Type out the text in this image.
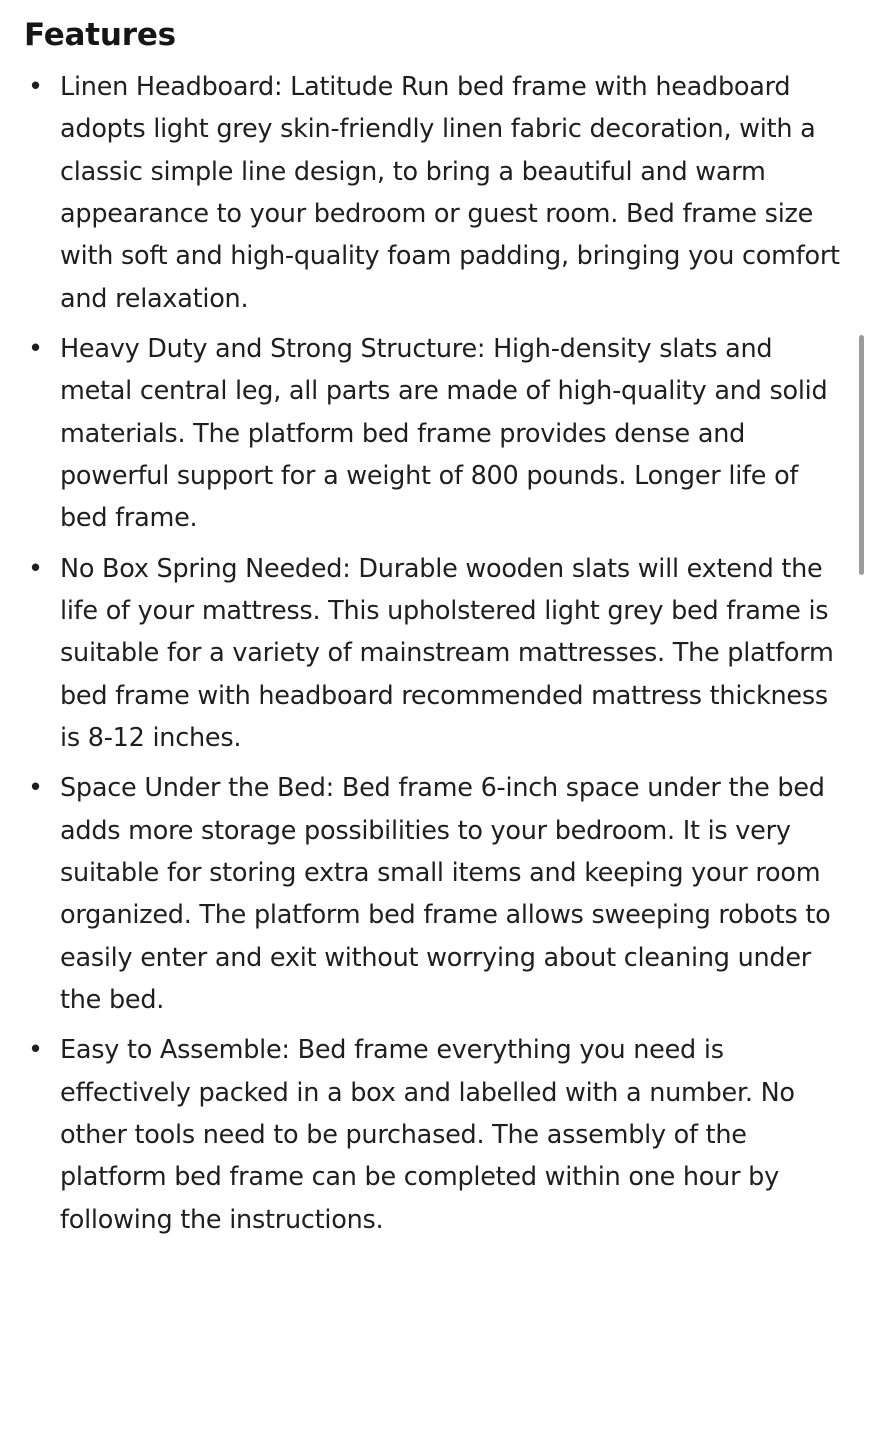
Features
• Linen Headboard: Latitude Run bed frame with headboard adopts light grey skin-friendly linen fabric decoration, with a classic simple line design, to bring a beautiful and warm appearance to your bedroom or guest room. Bed frame size with soft and high-quality foam padding, bringing you comfort and relaxation.
• Heavy Duty and Strong Structure: High-density slats and metal central leg, all parts are made of high-quality and solid materials. The platform bed frame provides dense and powerful support for a weight of 800 pounds. Longer life of bed frame.
• No Box Spring Needed: Durable wooden slats will extend the life of your mattress. This upholstered light grey bed frame is suitable for a variety of mainstream mattresses. The platform bed frame with headboard recommended mattress thickness is 8-12 inches.
• Space Under the Bed: Bed frame 6-inch space under the bed adds more storage possibilities to your bedroom. It is very suitable for storing extra small items and keeping your room organized. The platform bed frame allows sweeping robots to easily enter and exit without worrying about cleaning under the bed.
• Easy to Assemble: Bed frame everything you need is effectively packed in a box and labelled with a number. No other tools need to be purchased. The assembly of the platform bed frame can be completed within one hour by following the instructions.
